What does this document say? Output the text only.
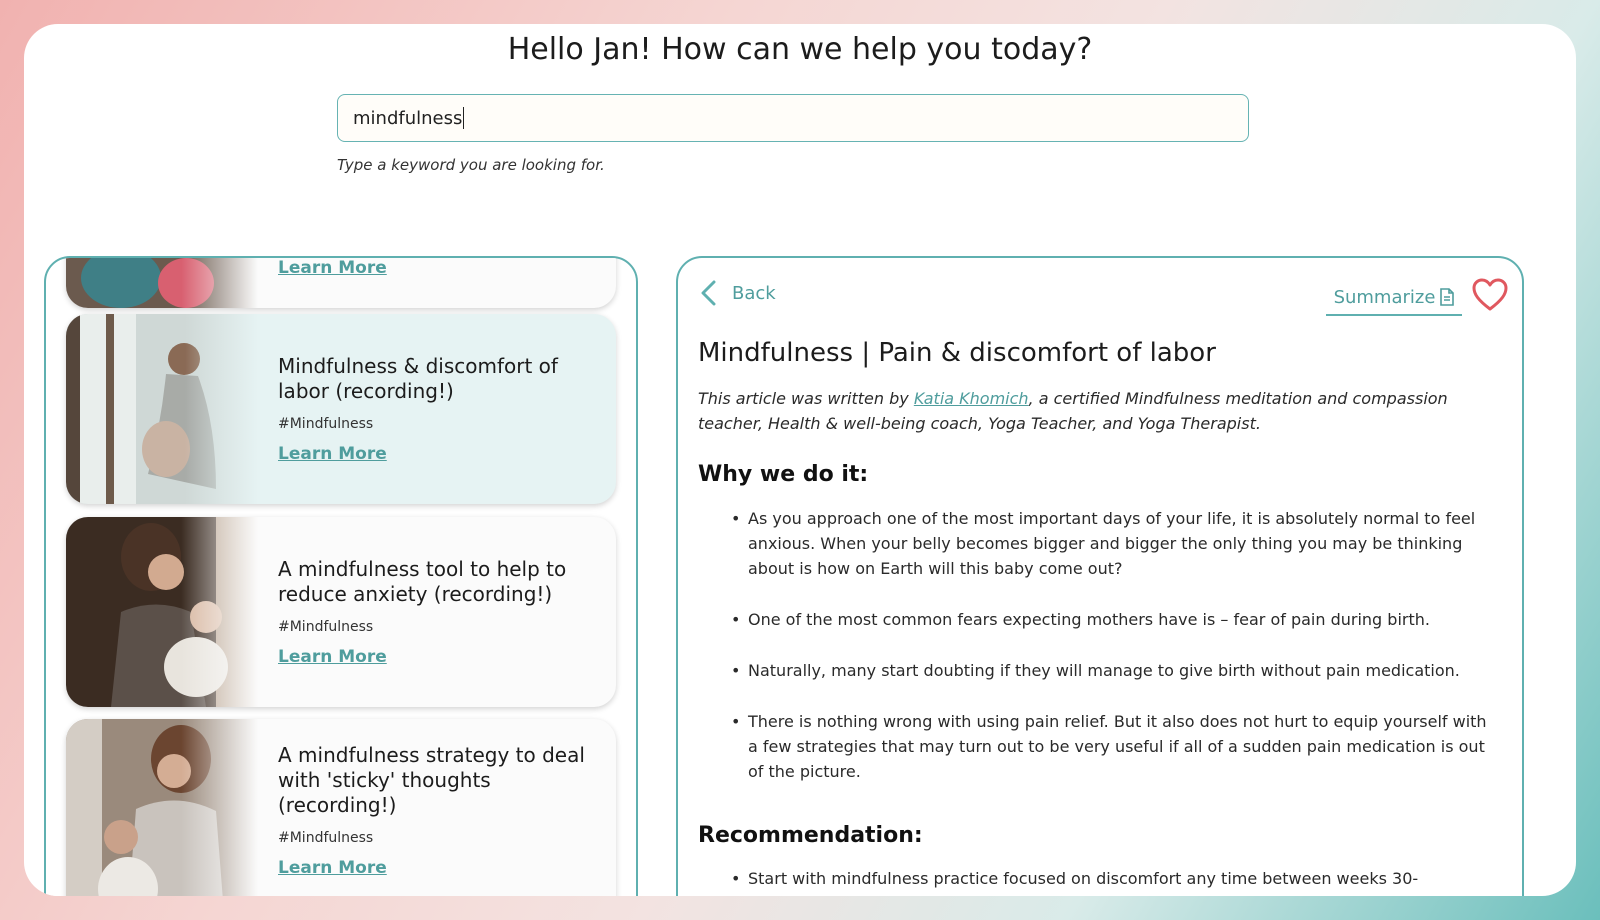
Hello Jan! How can we help you today?
mindfulness
Type a keyword you are looking for.
Learn More
Mindfulness & discomfort of labor (recording!)
#Mindfulness
Learn More
A mindfulness tool to help to reduce anxiety (recording!)
#Mindfulness
Learn More
A mindfulness strategy to deal with 'sticky' thoughts (recording!)
#Mindfulness
Learn More
Back	Summarize
Mindfulness | Pain & discomfort of labor
This article was written by Katia Khomich, a certified Mindfulness meditation and compassion teacher, Health & well-being coach, Yoga Teacher, and Yoga Therapist.
Why we do it:
• As you approach one of the most important days of your life, it is absolutely normal to feel anxious. When your belly becomes bigger and bigger the only thing you may be thinking about is how on Earth will this baby come out?
• One of the most common fears expecting mothers have is – fear of pain during birth.
• Naturally, many start doubting if they will manage to give birth without pain medication.
• There is nothing wrong with using pain relief. But it also does not hurt to equip yourself with a few strategies that may turn out to be very useful if all of a sudden pain medication is out of the picture.
Recommendation:
• Start with mindfulness practice focused on discomfort any time between weeks 30-
